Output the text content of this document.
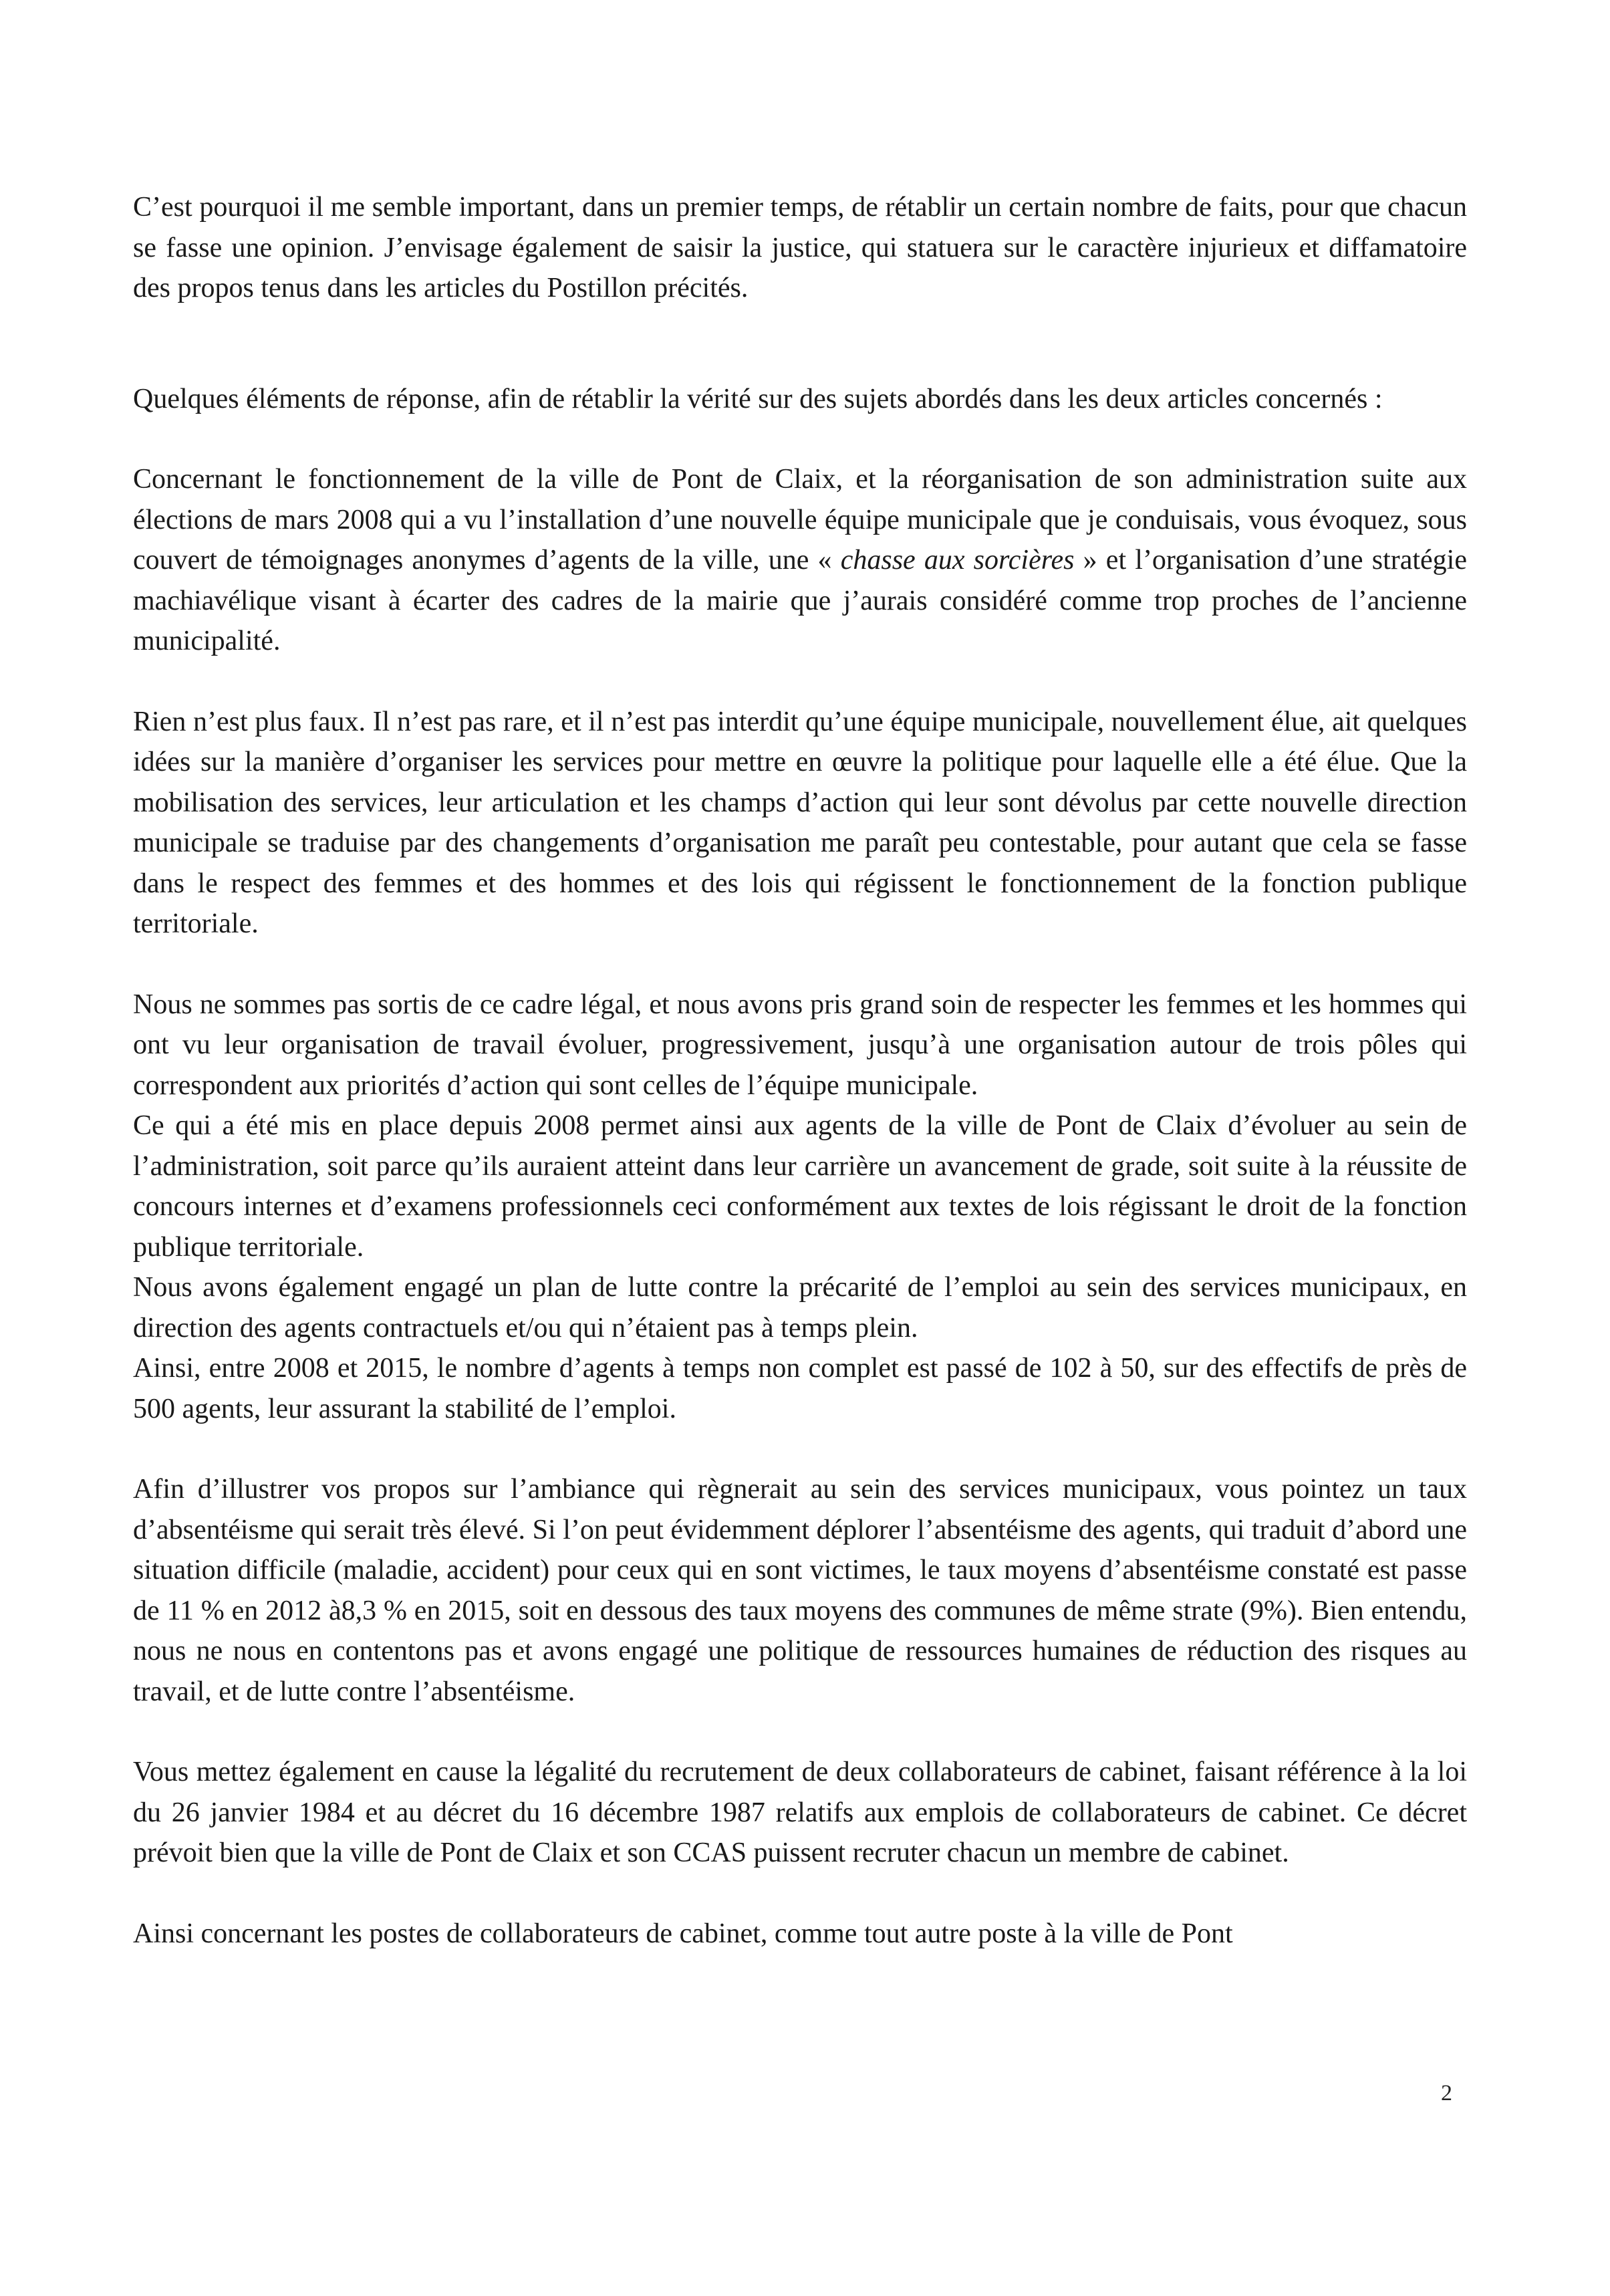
C’est pourquoi il me semble important, dans un premier temps, de rétablir un certain nombre de faits, pour que chacun se fasse une opinion. J’envisage également de saisir la justice, qui statuera sur le caractère injurieux et diffamatoire des propos tenus dans les articles du Postillon précités.

Quelques éléments de réponse, afin de rétablir la vérité sur des sujets abordés dans les deux articles concernés :

Concernant le fonctionnement de la ville de Pont de Claix, et la réorganisation de son administration suite aux élections de mars 2008 qui a vu l’installation d’une nouvelle équipe municipale que je conduisais, vous évoquez, sous couvert de témoignages anonymes d’agents de la ville, une « chasse aux sorcières » et l’organisation d’une stratégie machiavélique visant à écarter des cadres de la mairie que j’aurais considéré comme trop proches de l’ancienne municipalité.

Rien n’est plus faux. Il n’est pas rare, et il n’est pas interdit qu’une équipe municipale, nouvellement élue, ait quelques idées sur la manière d’organiser les services pour mettre en œuvre la politique pour laquelle elle a été élue. Que la mobilisation des services, leur articulation et les champs d’action qui leur sont dévolus par cette nouvelle direction municipale se traduise par des changements d’organisation me paraît peu contestable, pour autant que cela se fasse dans le respect des femmes et des hommes et des lois qui régissent le fonctionnement de la fonction publique territoriale.

Nous ne sommes pas sortis de ce cadre légal, et nous avons pris grand soin de respecter les femmes et les hommes qui ont vu leur organisation de travail évoluer, progressivement, jusqu’à une organisation autour de trois pôles qui correspondent aux priorités d’action qui sont celles de l’équipe municipale.
Ce qui a été mis en place depuis 2008 permet ainsi aux agents de la ville de Pont de Claix d’évoluer au sein de l’administration, soit parce qu’ils auraient atteint dans leur carrière un avancement de grade, soit suite à la réussite de concours internes et d’examens professionnels ceci conformément aux textes de lois régissant le droit de la fonction publique territoriale.
Nous avons également engagé un plan de lutte contre la précarité de l’emploi au sein des services municipaux, en direction des agents contractuels et/ou qui n’étaient pas à temps plein.
Ainsi, entre 2008 et 2015, le nombre d’agents à temps non complet est passé de 102 à 50, sur des effectifs de près de 500 agents, leur assurant la stabilité de l’emploi.

Afin d’illustrer vos propos sur l’ambiance qui règnerait au sein des services municipaux, vous pointez un taux d’absentéisme qui serait très élevé. Si l’on peut évidemment déplorer l’absentéisme des agents, qui traduit d’abord une situation difficile (maladie, accident) pour ceux qui en sont victimes, le taux moyens d’absentéisme constaté est passe de 11 % en 2012 à8,3 % en 2015, soit en dessous des taux moyens des communes de même strate (9%). Bien entendu, nous ne nous en contentons pas et avons engagé une politique de ressources humaines de réduction des risques au travail, et de lutte contre l’absentéisme.

Vous mettez également en cause la légalité du recrutement de deux collaborateurs de cabinet, faisant référence à la loi du 26 janvier 1984 et au décret du 16 décembre 1987 relatifs aux emplois de collaborateurs de cabinet. Ce décret prévoit bien que la ville de Pont de Claix et son CCAS puissent recruter chacun un membre de cabinet.

Ainsi concernant les postes de collaborateurs de cabinet, comme tout autre poste à la ville de Pont

2
